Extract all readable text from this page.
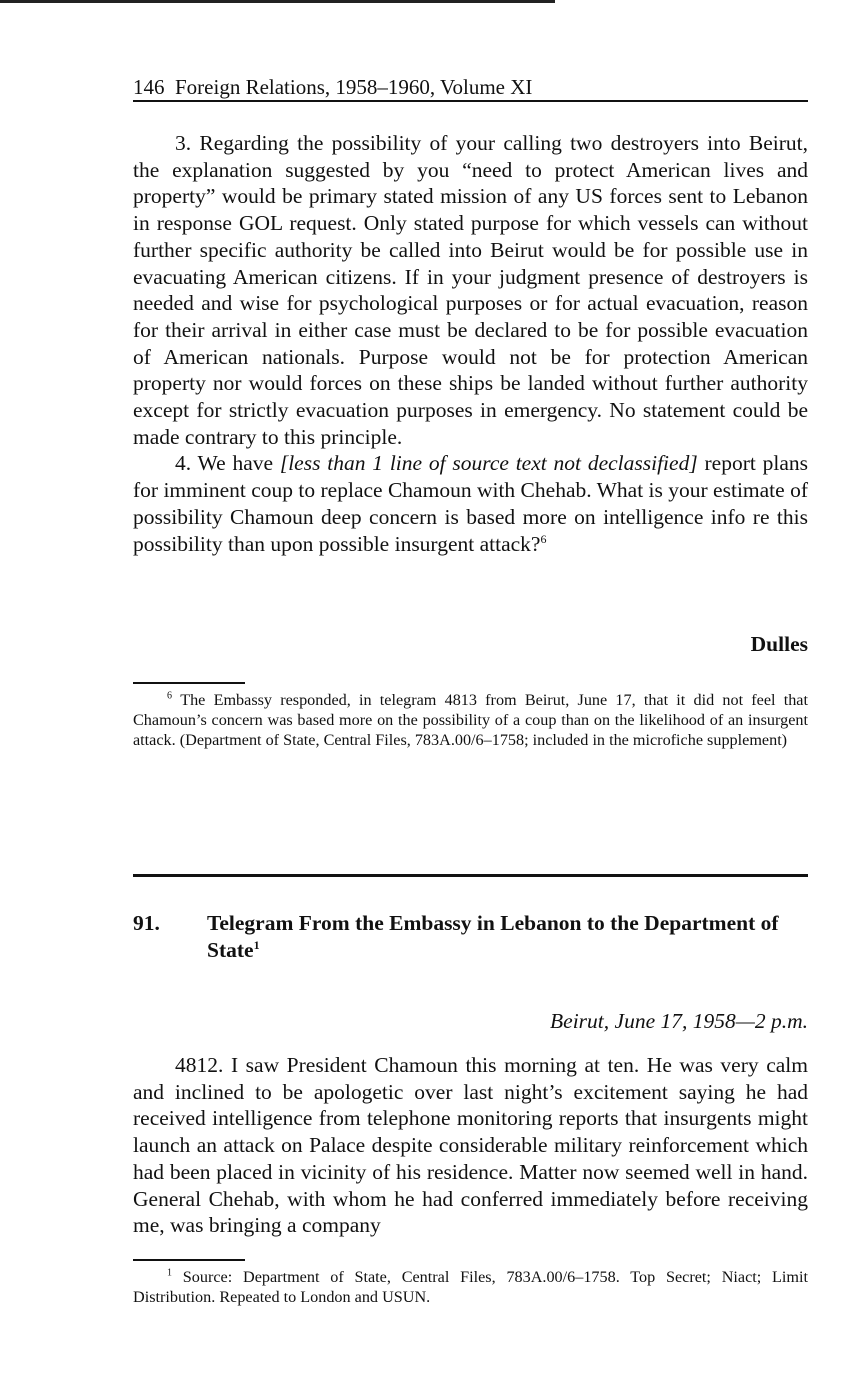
146 Foreign Relations, 1958–1960, Volume XI

3. Regarding the possibility of your calling two destroyers into Beirut, the explanation suggested by you “need to protect American lives and property” would be primary stated mission of any US forces sent to Lebanon in response GOL request. Only stated purpose for which vessels can without further specific authority be called into Beirut would be for possible use in evacuating American citizens. If in your judgment presence of destroyers is needed and wise for psychological purposes or for actual evacuation, reason for their arrival in either case must be declared to be for possible evacuation of American nationals. Purpose would not be for protection American property nor would forces on these ships be landed without further authority except for strictly evacuation purposes in emergency. No statement could be made contrary to this principle.

4. We have [less than 1 line of source text not declassified] report plans for imminent coup to replace Chamoun with Chehab. What is your estimate of possibility Chamoun deep concern is based more on intelligence info re this possibility than upon possible insurgent attack?$^6$

Dulles

$^6$ The Embassy responded, in telegram 4813 from Beirut, June 17, that it did not feel that Chamoun’s concern was based more on the possibility of a coup than on the likelihood of an insurgent attack. (Department of State, Central Files, 783A.00/6–1758; included in the microfiche supplement)

91. Telegram From the Embassy in Lebanon to the Department of State$^1$
Beirut, June 17, 1958—2 p.m.

4812. I saw President Chamoun this morning at ten. He was very calm and inclined to be apologetic over last night’s excitement saying he had received intelligence from telephone monitoring reports that insurgents might launch an attack on Palace despite considerable military reinforcement which had been placed in vicinity of his residence. Matter now seemed well in hand. General Chehab, with whom he had conferred immediately before receiving me, was bringing a company

$^1$ Source: Department of State, Central Files, 783A.00/6–1758. Top Secret; Niact; Limit Distribution. Repeated to London and USUN.
